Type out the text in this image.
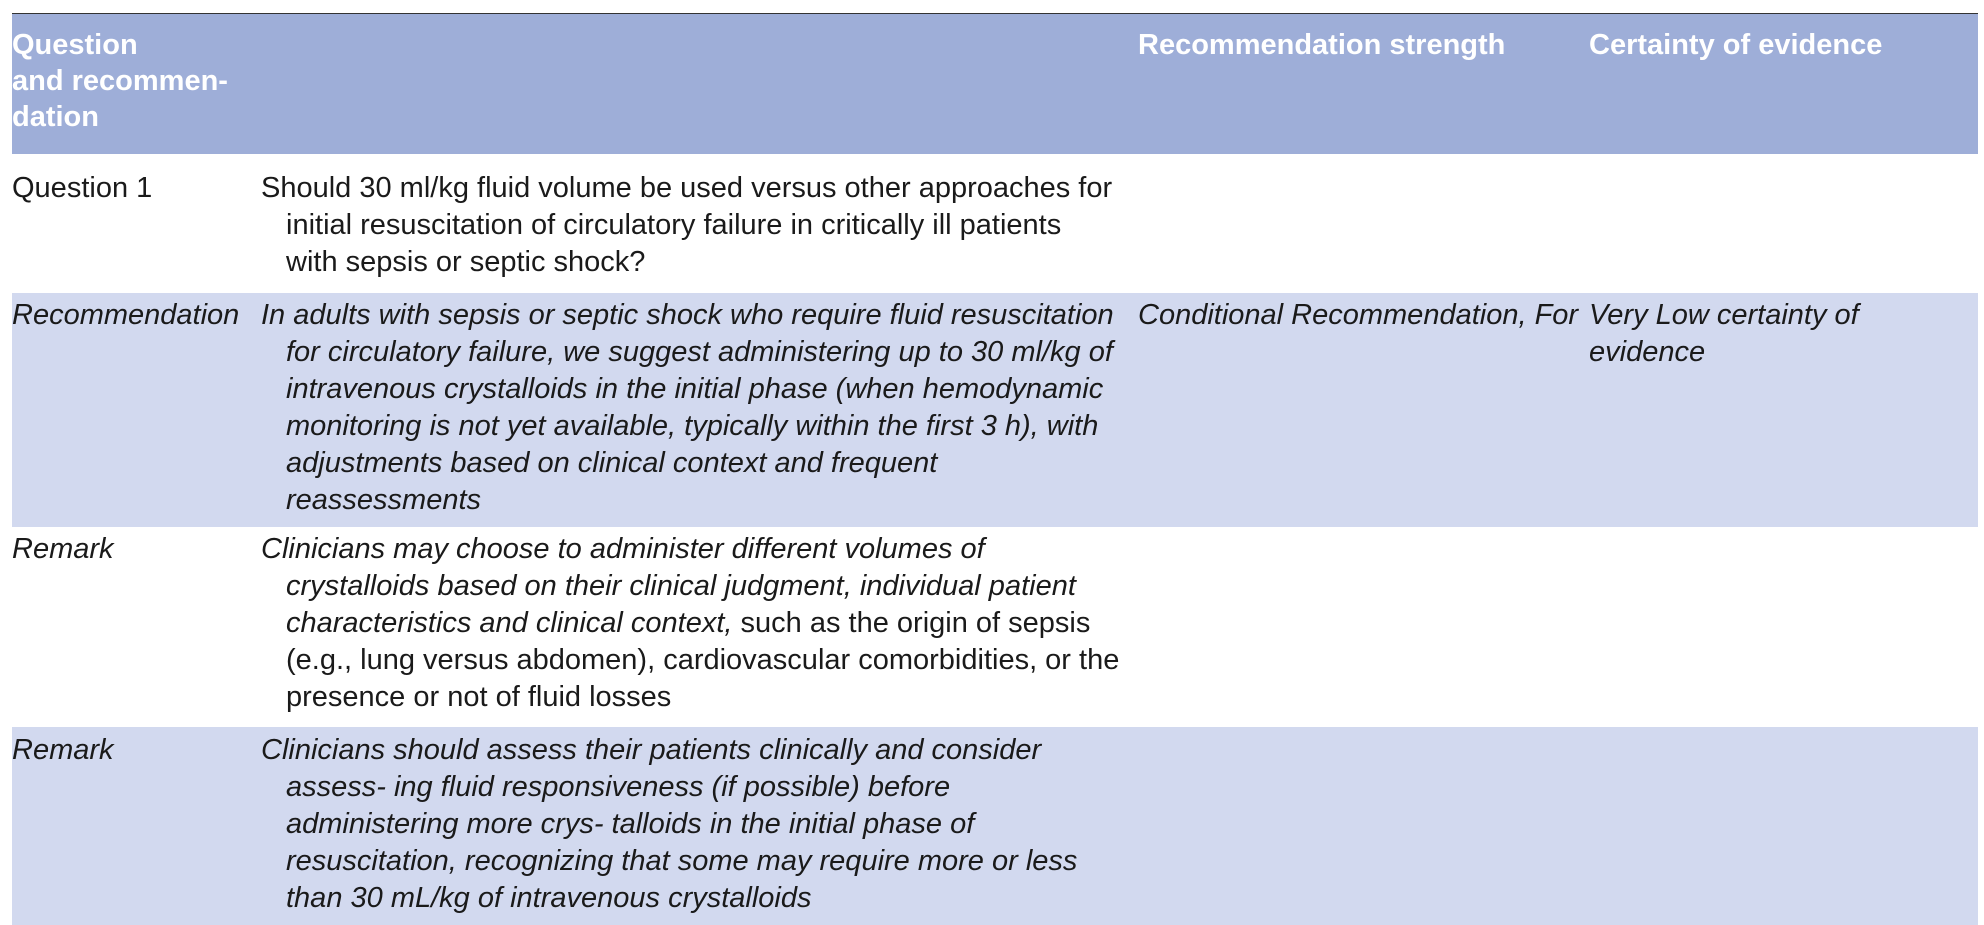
Question
and recommen-
dation		Recommendation strength	Certainty of evidence
Question 1	Should 30 ml/kg fluid volume be used versus other approaches for initial resuscitation of circulatory failure in critically ill patients with sepsis or septic shock?		

Recommendation	In adults with sepsis or septic shock who require fluid resuscitation for circulatory failure, we suggest administering up to 30 ml/kg of intravenous crystalloids in the initial phase (when hemodynamic monitoring is not yet available, typically within the first 3 h), with adjustments based on clinical context and frequent reassessments	Conditional Recommendation, For	Very Low certainty of evidence
Remark	Clinicians may choose to administer different volumes of crystalloids based on their clinical judgment, individual patient characteristics and clinical context, such as the origin of sepsis (e.g., lung versus abdomen), cardiovascular comorbidities, or the presence or not of fluid losses		

Remark	Clinicians should assess their patients clinically and consider assess- ing fluid responsiveness (if possible) before administering more crys- talloids in the initial phase of resuscitation, recognizing that some may require more or less than 30 mL/kg of intravenous crystalloids		
